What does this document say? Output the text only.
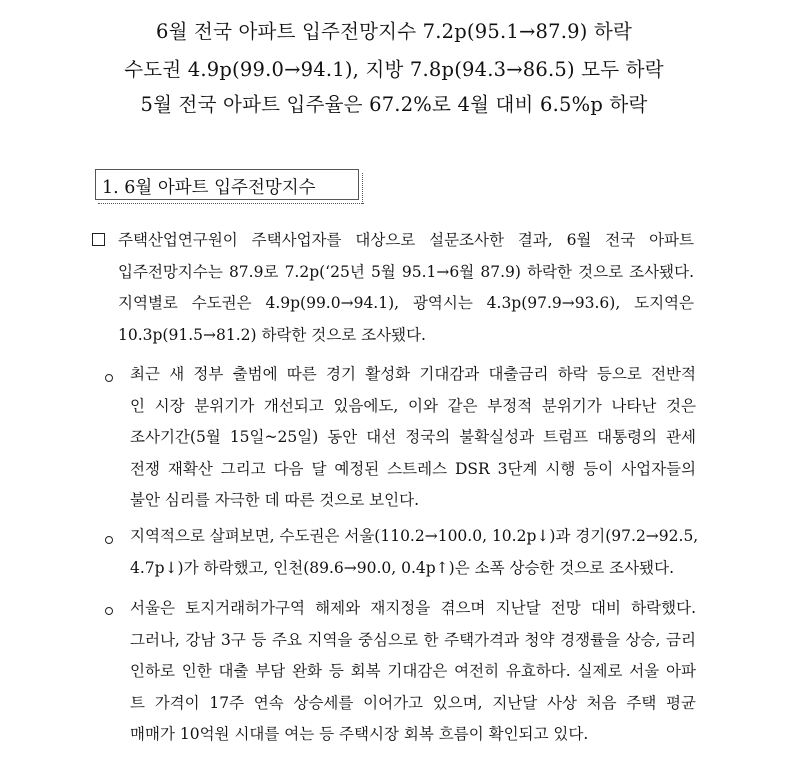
6월 전국 아파트 입주전망지수 7.2p(95.1→87.9) 하락
수도권 4.9p(99.0→94.1), 지방 7.8p(94.3→86.5) 모두 하락
5월 전국 아파트 입주율은 67.2%로 4월 대비 6.5%p 하락
1. 6월 아파트 입주전망지수
주택산업연구원이 주택사업자를 대상으로 설문조사한 결과, 6월 전국 아파트
입주전망지수는 87.9로 7.2p(‘25년 5월 95.1→6월 87.9) 하락한 것으로 조사됐다.
지역별로 수도권은 4.9p(99.0→94.1), 광역시는 4.3p(97.9→93.6), 도지역은
10.3p(91.5→81.2) 하락한 것으로 조사됐다.
최근 새 정부 출범에 따른 경기 활성화 기대감과 대출금리 하락 등으로 전반적
인 시장 분위기가 개선되고 있음에도, 이와 같은 부정적 분위기가 나타난 것은
조사기간(5월 15일~25일) 동안 대선 정국의 불확실성과 트럼프 대통령의 관세
전쟁 재확산 그리고 다음 달 예정된 스트레스 DSR 3단계 시행 등이 사업자들의
불안 심리를 자극한 데 따른 것으로 보인다.
지역적으로 살펴보면, 수도권은 서울(110.2→100.0, 10.2p↓)과 경기(97.2→92.5,
4.7p↓)가 하락했고, 인천(89.6→90.0, 0.4p↑)은 소폭 상승한 것으로 조사됐다.
서울은 토지거래허가구역 해제와 재지정을 겪으며 지난달 전망 대비 하락했다.
그러나, 강남 3구 등 주요 지역을 중심으로 한 주택가격과 청약 경쟁률을 상승, 금리
인하로 인한 대출 부담 완화 등 회복 기대감은 여전히 유효하다. 실제로 서울 아파
트 가격이 17주 연속 상승세를 이어가고 있으며, 지난달 사상 처음 주택 평균
매매가 10억원 시대를 여는 등 주택시장 회복 흐름이 확인되고 있다.
